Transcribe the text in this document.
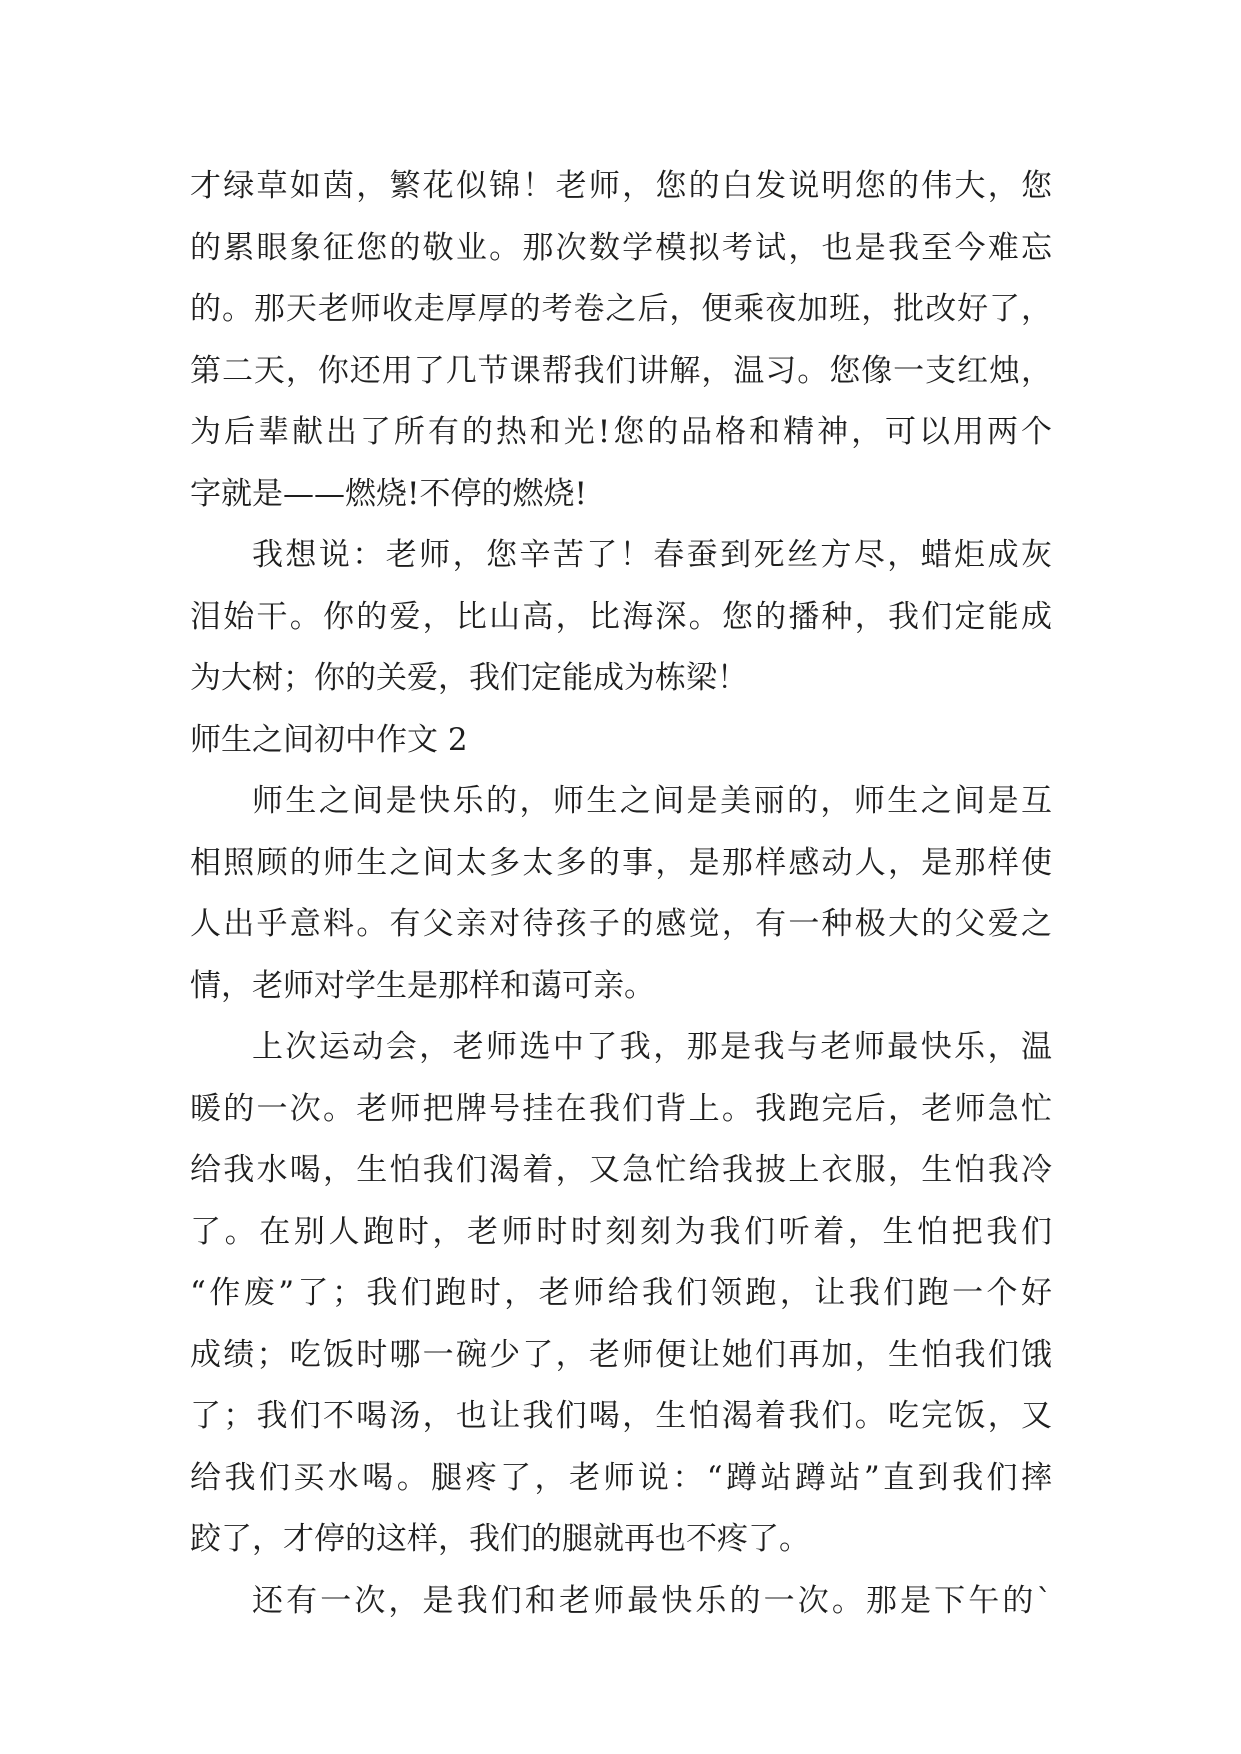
才绿草如茵，繁花似锦！老师，您的白发说明您的伟大，您
的累眼象征您的敬业。那次数学模拟考试，也是我至今难忘
的。那天老师收走厚厚的考卷之后，便乘夜加班，批改好了，
第二天，你还用了几节课帮我们讲解，温习。您像一支红烛，
为后辈献出了所有的热和光!您的品格和精神，可以用两个
字就是——燃烧!不停的燃烧!

我想说：老师，您辛苦了！春蚕到死丝方尽，蜡炬成灰
泪始干。你的爱，比山高，比海深。您的播种，我们定能成
为大树；你的关爱，我们定能成为栋梁！

师生之间初中作文 2

师生之间是快乐的，师生之间是美丽的，师生之间是互
相照顾的师生之间太多太多的事，是那样感动人，是那样使
人出乎意料。有父亲对待孩子的感觉，有一种极大的父爱之
情，老师对学生是那样和蔼可亲。

上次运动会，老师选中了我，那是我与老师最快乐，温
暖的一次。老师把牌号挂在我们背上。我跑完后，老师急忙
给我水喝，生怕我们渴着，又急忙给我披上衣服，生怕我冷
了。在别人跑时，老师时时刻刻为我们听着，生怕把我们
“作废”了；我们跑时，老师给我们领跑，让我们跑一个好
成绩；吃饭时哪一碗少了，老师便让她们再加，生怕我们饿
了；我们不喝汤，也让我们喝，生怕渴着我们。吃完饭，又
给我们买水喝。腿疼了，老师说：“蹲站蹲站”直到我们摔
跤了，才停的这样，我们的腿就再也不疼了。

还有一次，是我们和老师最快乐的一次。那是下午的`
